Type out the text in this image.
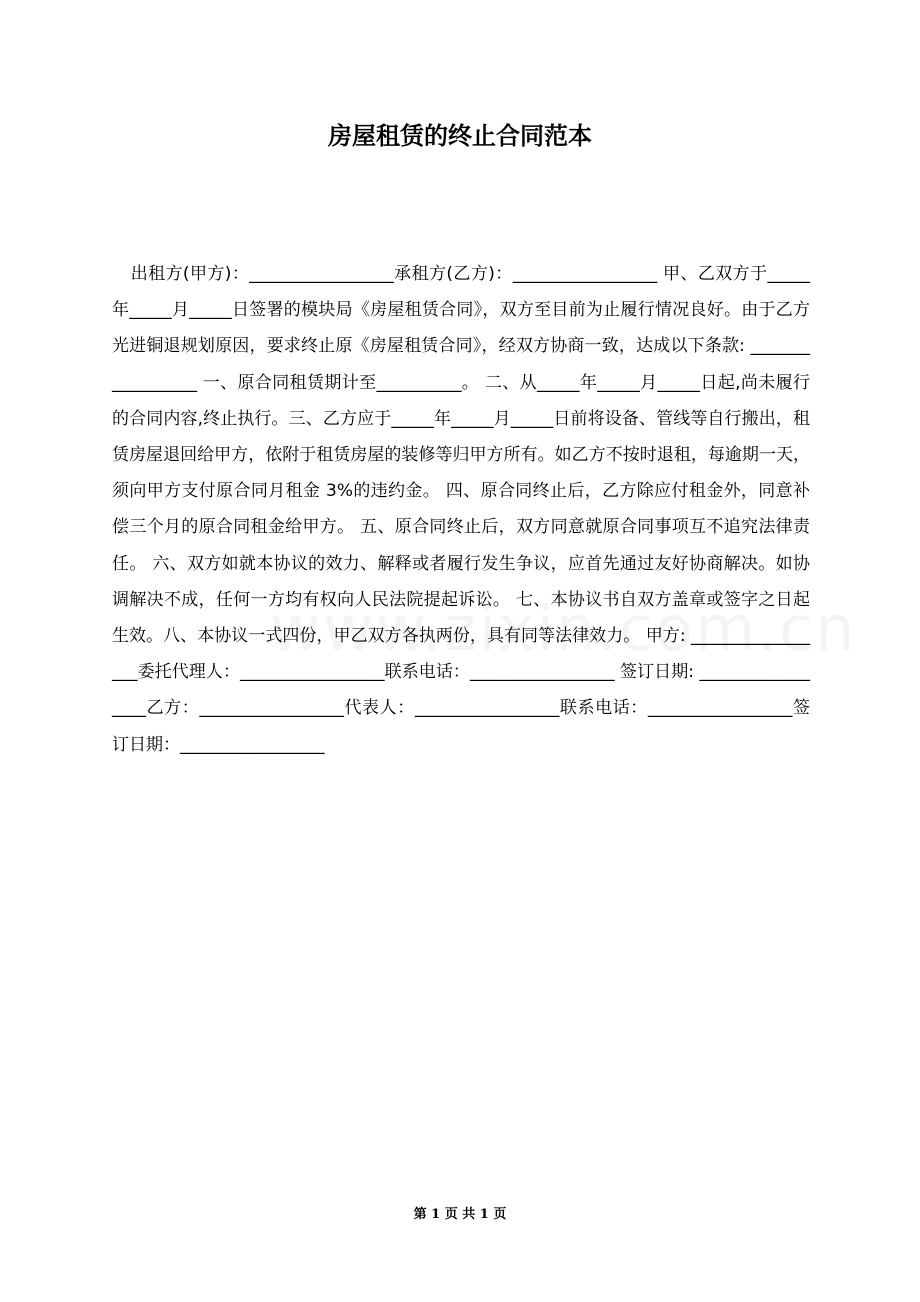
房屋租赁的终止合同范本

出租方(甲方)：_________________承租方(乙方)：_________________ 甲、乙双方于_____年_____月_____日签署的模块局《房屋租赁合同》，双方至目前为止履行情况良好。由于乙方光进铜退规划原因，要求终止原《房屋租赁合同》，经双方协商一致，达成以下条款: _________________ 一、原合同租赁期计至__________。 二、从_____年_____月_____日起,尚未履行的合同内容,终止执行。三、乙方应于_____年_____月_____日前将设备、管线等自行搬出，租赁房屋退回给甲方，依附于租赁房屋的装修等归甲方所有。如乙方不按时退租，每逾期一天，须向甲方支付原合同月租金 3%的违约金。 四、原合同终止后，乙方除应付租金外，同意补偿三个月的原合同租金给甲方。 五、原合同终止后，双方同意就原合同事项互不追究法律责任。 六、双方如就本协议的效力、解释或者履行发生争议，应首先通过友好协商解决。如协调解决不成，任何一方均有权向人民法院提起诉讼。 七、本协议书自双方盖章或签字之日起生效。八、本协议一式四份，甲乙双方各执两份，具有同等法律效力。 甲方: _________________委托代理人：_________________联系电话：_________________ 签订日期: _________________乙方：_________________代表人：_________________联系电话：_________________签订日期：_________________

第 1 页 共 1 页
